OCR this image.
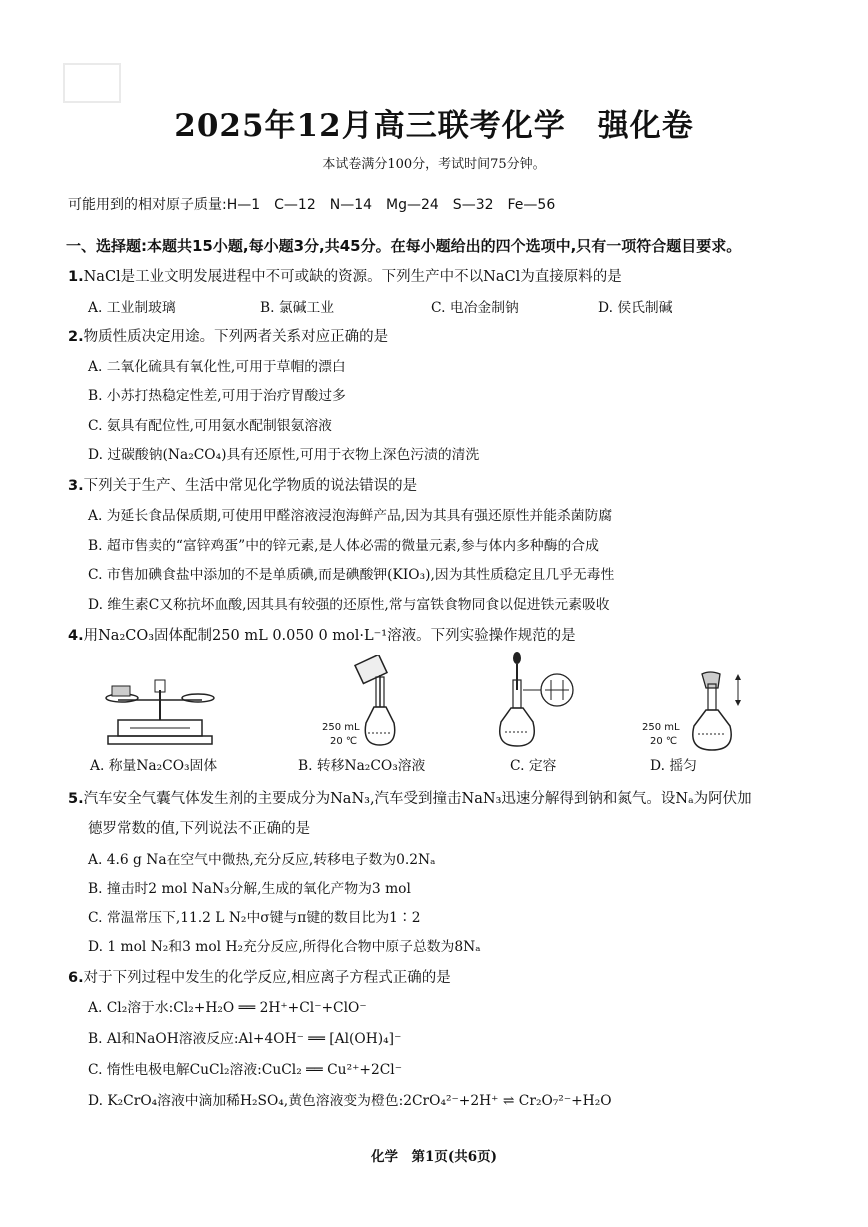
2025年12月高三联考化学　强化卷
本试卷满分100分，考试时间75分钟。
可能用到的相对原子质量:H—1　C—12　N—14　Mg—24　S—32　Fe—56
一、选择题:本题共15小题,每小题3分,共45分。在每小题给出的四个选项中,只有一项符合题目要求。
1.NaCl是工业文明发展进程中不可或缺的资源。下列生产中不以NaCl为直接原料的是
A. 工业制玻璃	B. 氯碱工业	C. 电冶金制钠	D. 侯氏制碱
2.物质性质决定用途。下列两者关系对应正确的是
A. 二氧化硫具有氧化性,可用于草帽的漂白
B. 小苏打热稳定性差,可用于治疗胃酸过多
C. 氨具有配位性,可用氨水配制银氨溶液
D. 过碳酸钠(Na₂CO₄)具有还原性,可用于衣物上深色污渍的清洗
3.下列关于生产、生活中常见化学物质的说法错误的是
A. 为延长食品保质期,可使用甲醛溶液浸泡海鲜产品,因为其具有强还原性并能杀菌防腐
B. 超市售卖的“富锌鸡蛋”中的锌元素,是人体必需的微量元素,参与体内多种酶的合成
C. 市售加碘食盐中添加的不是单质碘,而是碘酸钾(KIO₃),因为其性质稳定且几乎无毒性
D. 维生素C又称抗坏血酸,因其具有较强的还原性,常与富铁食物同食以促进铁元素吸收
4.用Na₂CO₃固体配制250 mL 0.050 0 mol·L⁻¹溶液。下列实验操作规范的是
A. 称量Na₂CO₃固体
250 mL
20 ℃
B. 转移Na₂CO₃溶液	C. 定容
250 mL
20 ℃
D. 摇匀
5.汽车安全气囊气体发生剂的主要成分为NaN₃,汽车受到撞击NaN₃迅速分解得到钠和氮气。设Nₐ为阿伏加
德罗常数的值,下列说法不正确的是
A. 4.6 g Na在空气中微热,充分反应,转移电子数为0.2Nₐ
B. 撞击时2 mol NaN₃分解,生成的氧化产物为3 mol
C. 常温常压下,11.2 L N₂中σ键与π键的数目比为1∶2
D. 1 mol N₂和3 mol H₂充分反应,所得化合物中原子总数为8Nₐ
6.对于下列过程中发生的化学反应,相应离子方程式正确的是
A. Cl₂溶于水:Cl₂+H₂O ══ 2H⁺+Cl⁻+ClO⁻
B. Al和NaOH溶液反应:Al+4OH⁻ ══ [Al(OH)₄]⁻
C. 惰性电极电解CuCl₂溶液:CuCl₂ ══ Cu²⁺+2Cl⁻
D. K₂CrO₄溶液中滴加稀H₂SO₄,黄色溶液变为橙色:2CrO₄²⁻+2H⁺ ⇌ Cr₂O₇²⁻+H₂O
化学　第1页(共6页)
